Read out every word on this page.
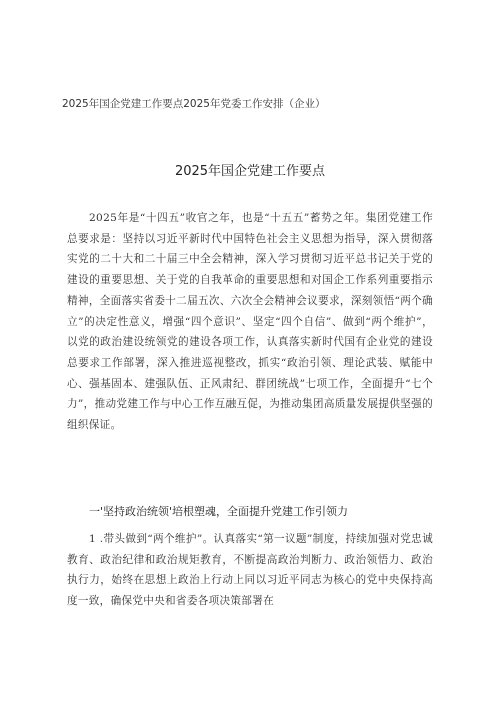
2025年国企党建工作要点2025年党委工作安排（企业）
2025年国企党建工作要点
2025年是“十四五”收官之年，也是“十五五”蓄势之年。集团党建工作总要求是：坚持以习近平新时代中国特色社会主义思想为指导，深入贯彻落实党的二十大和二十届三中全会精神，深入学习贯彻习近平总书记关于党的建设的重要思想、关于党的自我革命的重要思想和对国企工作系列重要指示精神，全面落实省委十二届五次、六次全会精神会议要求，深刻领悟“两个确立”的决定性意义，增强“四个意识”、坚定“四个自信”、做到“两个维护”，以党的政治建设统领党的建设各项工作，认真落实新时代国有企业党的建设总要求工作部署，深入推进巡视整改，抓实“政治引领、理论武装、赋能中心、强基固本、建强队伍、正风肃纪、群团统战”七项工作，全面提升“七个力”，推动党建工作与中心工作互融互促，为推动集团高质量发展提供坚强的组织保证。
一'坚持政治统领'培根塑魂，全面提升党建工作引领力
1 .带头做到“两个维护”。认真落实“第一议题”制度，持续加强对党忠诚教育、政治纪律和政治规矩教育，不断提高政治判断力、政治领悟力、政治执行力，始终在思想上政治上行动上同以习近平同志为核心的党中央保持高度一致，确保党中央和省委各项决策部署在
